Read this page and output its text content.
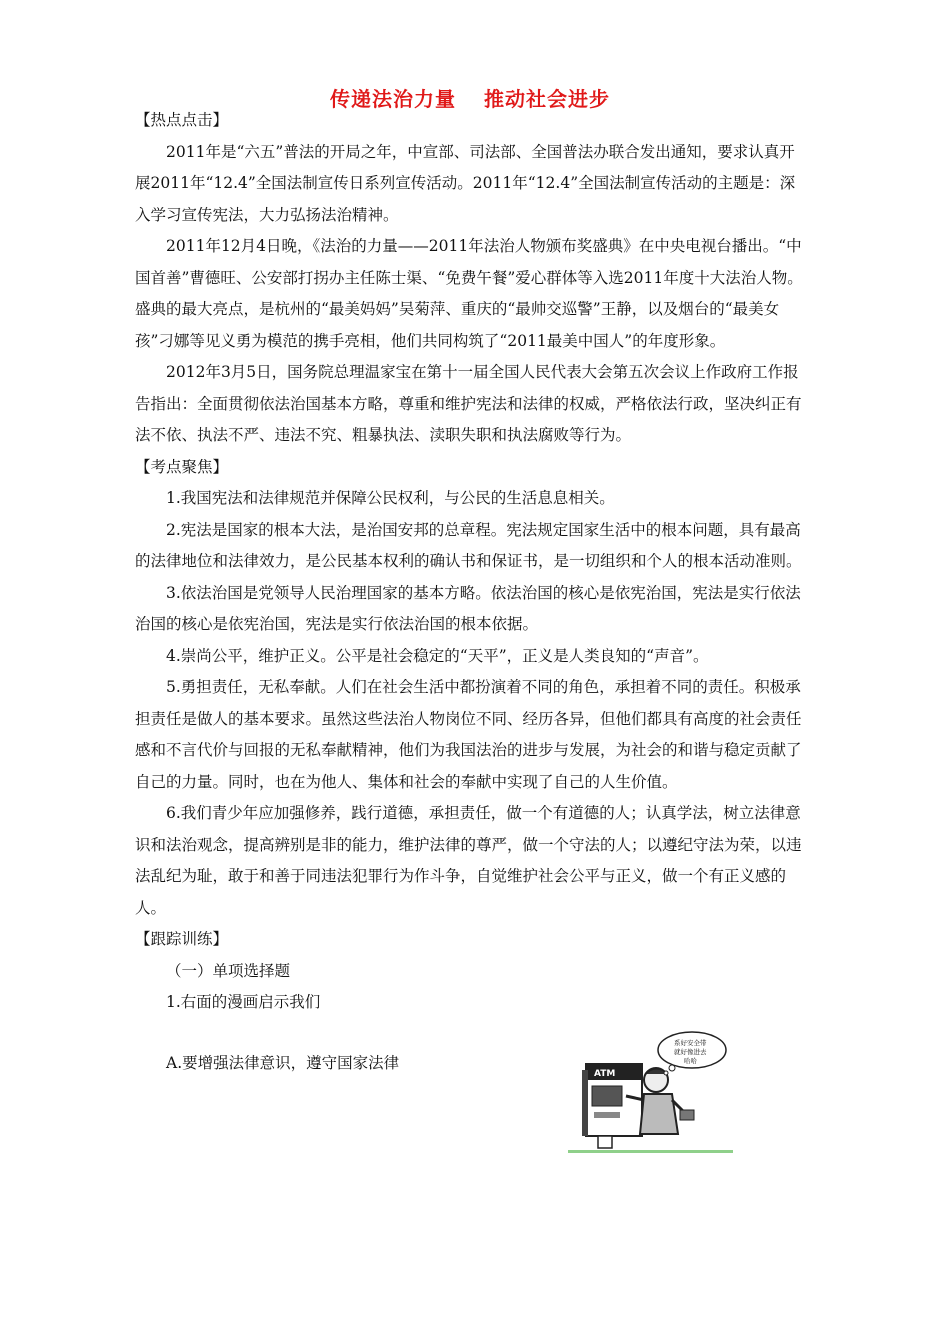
传递法治力量 推动社会进步

【热点点击】

2011年是“六五”普法的开局之年，中宣部、司法部、全国普法办联合发出通知，要求认真开展2011年“12.4”全国法制宣传日系列宣传活动。2011年“12.4”全国法制宣传活动的主题是：深入学习宣传宪法，大力弘扬法治精神。

2011年12月4日晚，《法治的力量——2011年法治人物颁布奖盛典》在中央电视台播出。“中国首善”曹德旺、公安部打拐办主任陈士渠、“免费午餐”爱心群体等入选2011年度十大法治人物。盛典的最大亮点，是杭州的“最美妈妈”吴菊萍、重庆的“最帅交巡警”王静，以及烟台的“最美女孩”刁娜等见义勇为模范的携手亮相，他们共同构筑了“2011最美中国人”的年度形象。

2012年3月5日，国务院总理温家宝在第十一届全国人民代表大会第五次会议上作政府工作报告指出：全面贯彻依法治国基本方略，尊重和维护宪法和法律的权威，严格依法行政，坚决纠正有法不依、执法不严、违法不究、粗暴执法、渎职失职和执法腐败等行为。

【考点聚焦】

1.我国宪法和法律规范并保障公民权利，与公民的生活息息相关。

2.宪法是国家的根本大法，是治国安邦的总章程。宪法规定国家生活中的根本问题，具有最高的法律地位和法律效力，是公民基本权利的确认书和保证书，是一切组织和个人的根本活动准则。

3.依法治国是党领导人民治理国家的基本方略。依法治国的核心是依宪治国，宪法是实行依法治国的核心是依宪治国，宪法是实行依法治国的根本依据。

4.崇尚公平，维护正义。公平是社会稳定的“天平”，正义是人类良知的“声音”。

5.勇担责任，无私奉献。人们在社会生活中都扮演着不同的角色，承担着不同的责任。积极承担责任是做人的基本要求。虽然这些法治人物岗位不同、经历各异，但他们都具有高度的社会责任感和不言代价与回报的无私奉献精神，他们为我国法治的进步与发展，为社会的和谐与稳定贡献了自己的力量。同时，也在为他人、集体和社会的奉献中实现了自己的人生价值。

6.我们青少年应加强修养，践行道德，承担责任，做一个有道德的人；认真学法，树立法律意识和法治观念，提高辨别是非的能力，维护法律的尊严，做一个守法的人；以遵纪守法为荣，以违法乱纪为耻，敢于和善于同违法犯罪行为作斗争，自觉维护社会公平与正义，做一个有正义感的人。

【跟踪训练】

（一）单项选择题

1.右面的漫画启示我们

A.要增强法律意识，遵守国家法律

ATM
系好安全带
就好像进去
哈哈
